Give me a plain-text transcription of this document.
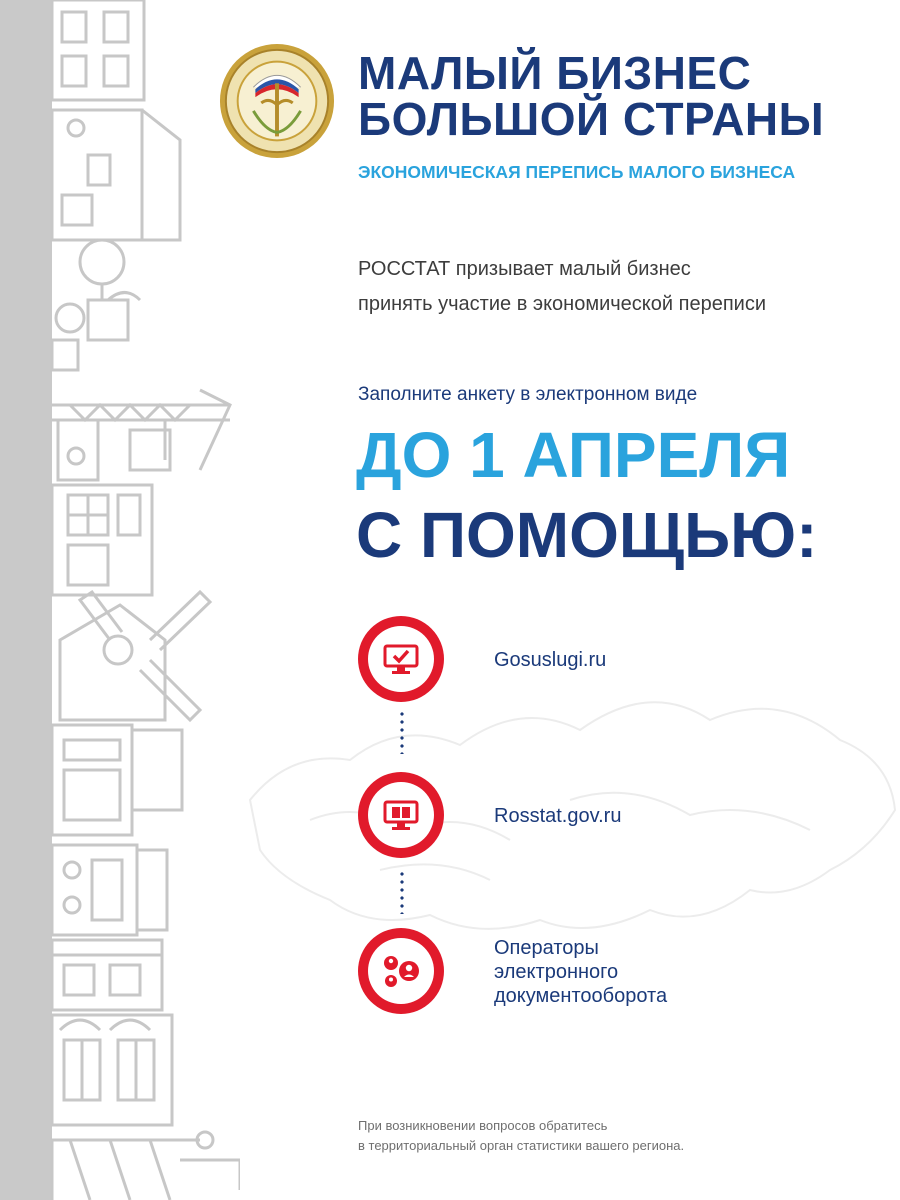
МАЛЫЙ БИЗНЕС
БОЛЬШОЙ СТРАНЫ
ЭКОНОМИЧЕСКАЯ ПЕРЕПИСЬ МАЛОГО БИЗНЕСА
РОССТАТ призывает малый бизнес
принять участие в экономической переписи
Заполните анкету в электронном виде
ДО 1 АПРЕЛЯ
С ПОМОЩЬЮ:
Gosuslugi.ru
Rosstat.gov.ru
Операторы
электронного
документооборота
При возникновении вопросов обратитесь
в территориальный орган статистики вашего региона.
